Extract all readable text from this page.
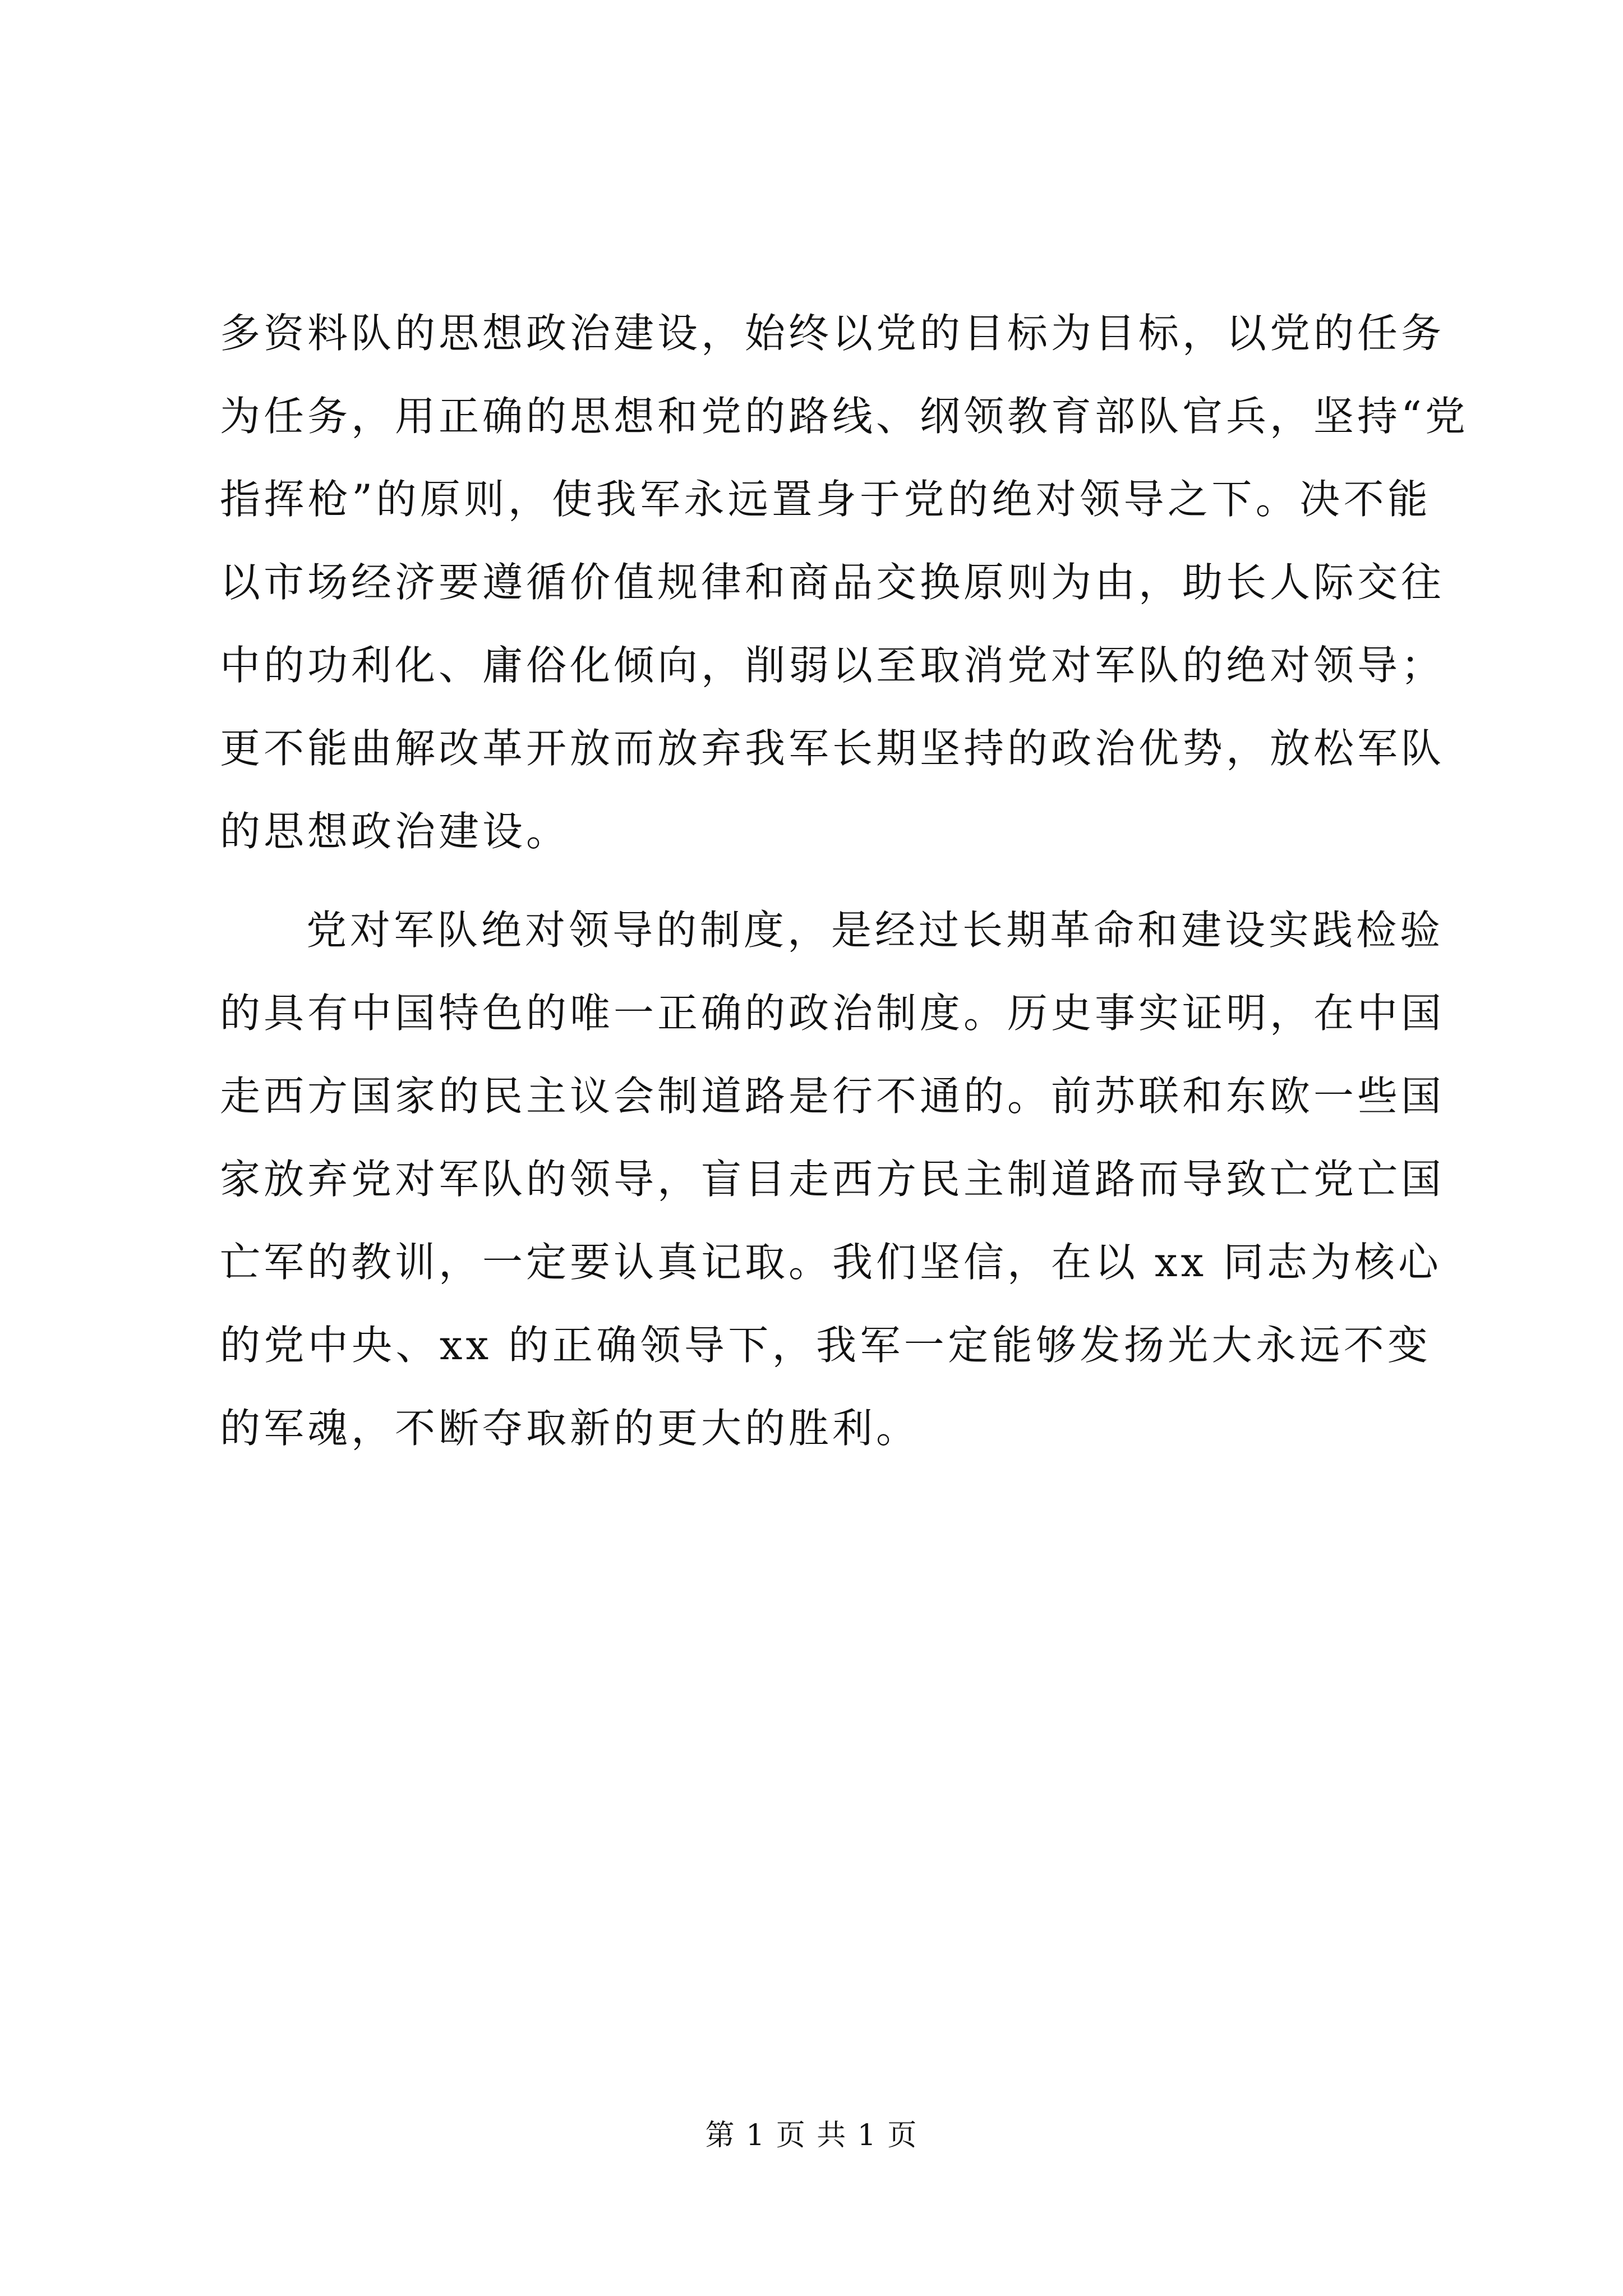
多资料队的思想政治建设，始终以党的目标为目标，以党的任务
为任务，用正确的思想和党的路线、纲领教育部队官兵，坚持“党
指挥枪”的原则，使我军永远置身于党的绝对领导之下。决不能
以市场经济要遵循价值规律和商品交换原则为由，助长人际交往
中的功利化、庸俗化倾向，削弱以至取消党对军队的绝对领导；
更不能曲解改革开放而放弃我军长期坚持的政治优势，放松军队
的思想政治建设。
党对军队绝对领导的制度，是经过长期革命和建设实践检验
的具有中国特色的唯一正确的政治制度。历史事实证明，在中国
走西方国家的民主议会制道路是行不通的。前苏联和东欧一些国
家放弃党对军队的领导，盲目走西方民主制道路而导致亡党亡国
亡军的教训，一定要认真记取。我们坚信，在以 xx 同志为核心
的党中央、xx 的正确领导下，我军一定能够发扬光大永远不变
的军魂，不断夺取新的更大的胜利。
第 1 页 共 1 页
